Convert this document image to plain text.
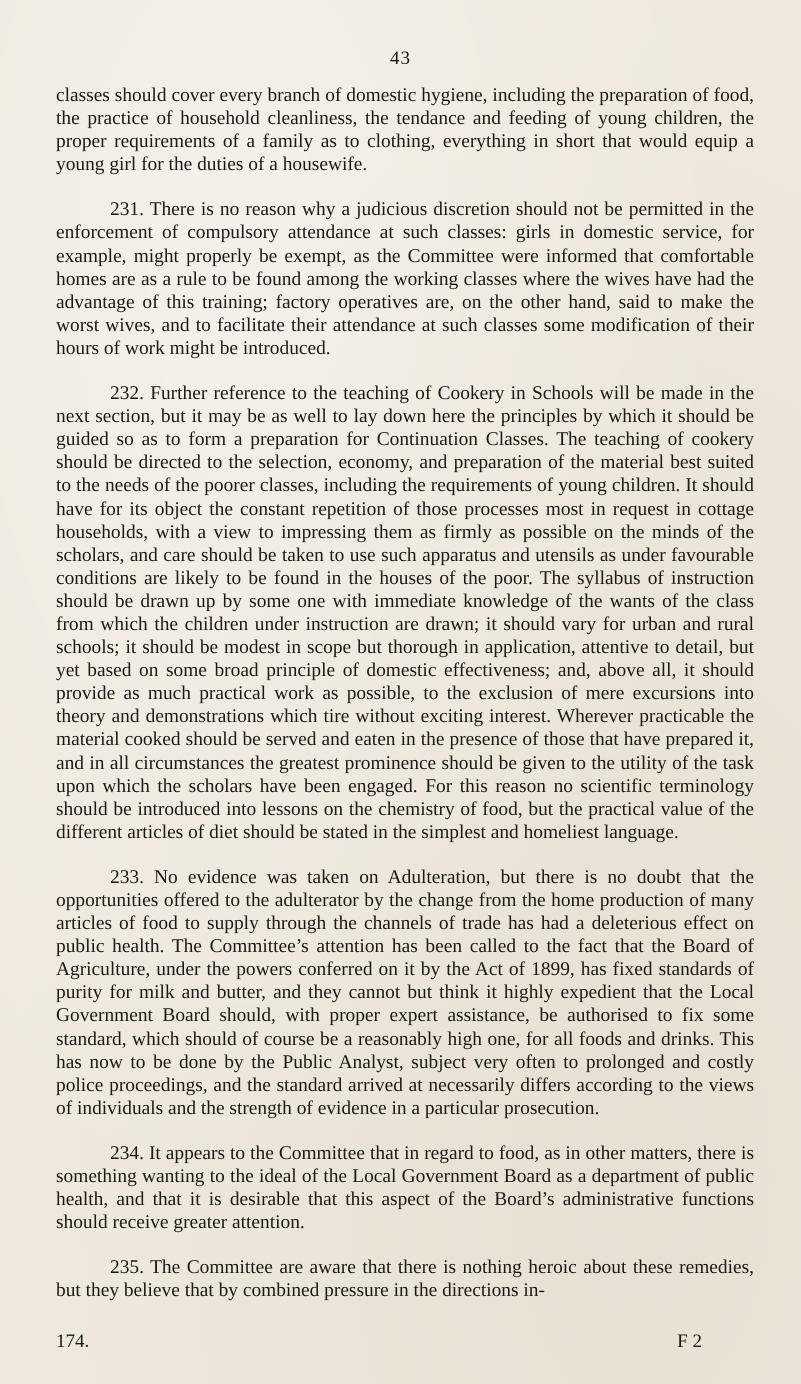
43

classes should cover every branch of domestic hygiene, including the preparation of food, the practice of household cleanliness, the tendance and feeding of young children, the proper requirements of a family as to clothing, everything in short that would equip a young girl for the duties of a housewife.

231. There is no reason why a judicious discretion should not be permitted in the enforcement of compulsory attendance at such classes: girls in domestic service, for example, might properly be exempt, as the Committee were informed that comfortable homes are as a rule to be found among the working classes where the wives have had the advantage of this training; factory operatives are, on the other hand, said to make the worst wives, and to facilitate their attendance at such classes some modification of their hours of work might be introduced.

232. Further reference to the teaching of Cookery in Schools will be made in the next section, but it may be as well to lay down here the principles by which it should be guided so as to form a preparation for Continuation Classes. The teaching of cookery should be directed to the selection, economy, and preparation of the material best suited to the needs of the poorer classes, including the requirements of young children. It should have for its object the constant repetition of those processes most in request in cottage households, with a view to impressing them as firmly as possible on the minds of the scholars, and care should be taken to use such apparatus and utensils as under favourable conditions are likely to be found in the houses of the poor. The syllabus of instruction should be drawn up by some one with immediate knowledge of the wants of the class from which the children under instruction are drawn; it should vary for urban and rural schools; it should be modest in scope but thorough in application, attentive to detail, but yet based on some broad principle of domestic effectiveness; and, above all, it should provide as much practical work as possible, to the exclusion of mere excursions into theory and demonstrations which tire without exciting interest. Wherever practicable the material cooked should be served and eaten in the presence of those that have prepared it, and in all circumstances the greatest prominence should be given to the utility of the task upon which the scholars have been engaged. For this reason no scientific terminology should be introduced into lessons on the chemistry of food, but the practical value of the different articles of diet should be stated in the simplest and homeliest language.

233. No evidence was taken on Adulteration, but there is no doubt that the opportunities offered to the adulterator by the change from the home production of many articles of food to supply through the channels of trade has had a deleterious effect on public health. The Committee’s attention has been called to the fact that the Board of Agriculture, under the powers conferred on it by the Act of 1899, has fixed standards of purity for milk and butter, and they cannot but think it highly expedient that the Local Government Board should, with proper expert assistance, be authorised to fix some standard, which should of course be a reasonably high one, for all foods and drinks. This has now to be done by the Public Analyst, subject very often to prolonged and costly police proceedings, and the standard arrived at necessarily differs according to the views of individuals and the strength of evidence in a particular prosecution.

234. It appears to the Committee that in regard to food, as in other matters, there is something wanting to the ideal of the Local Government Board as a department of public health, and that it is desirable that this aspect of the Board’s administrative functions should receive greater attention.

235. The Committee are aware that there is nothing heroic about these remedies, but they believe that by combined pressure in the directions in-

174.	F 2
